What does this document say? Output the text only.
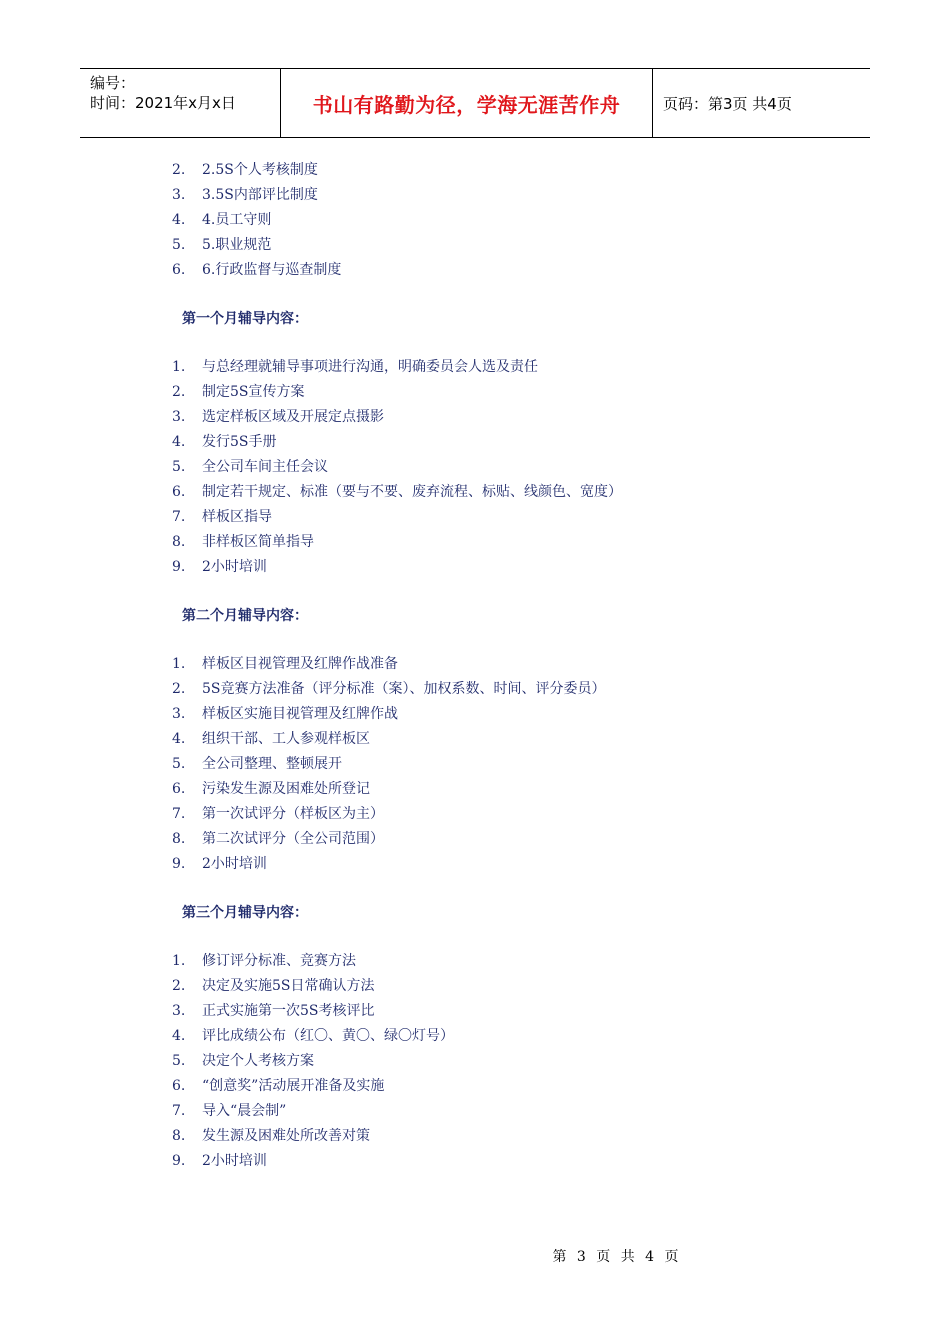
编号：
时间：2021年x月x日	书山有路勤为径，学海无涯苦作舟	页码：第3页 共4页
2.	2.5S个人考核制度
3.	3.5S内部评比制度
4.	4.员工守则
5.	5.职业规范
6.	6.行政监督与巡查制度
第一个月辅导内容：
1.	与总经理就辅导事项进行沟通，明确委员会人选及责任
2.	制定5S宣传方案
3.	选定样板区域及开展定点摄影
4.	发行5S手册
5.	全公司车间主任会议
6.	制定若干规定、标准（要与不要、废弃流程、标贴、线颜色、宽度）
7.	样板区指导
8.	非样板区简单指导
9.	2小时培训
第二个月辅导内容：
1.	样板区目视管理及红牌作战准备
2.	5S竞赛方法准备（评分标准（案）、加权系数、时间、评分委员）
3.	样板区实施目视管理及红牌作战
4.	组织干部、工人参观样板区
5.	全公司整理、整顿展开
6.	污染发生源及困难处所登记
7.	第一次试评分（样板区为主）
8.	第二次试评分（全公司范围）
9.	2小时培训
第三个月辅导内容：
1.	修订评分标准、竞赛方法
2.	决定及实施5S日常确认方法
3.	正式实施第一次5S考核评比
4.	评比成绩公布（红〇、黄〇、绿〇灯号）
5.	决定个人考核方案
6.	“创意奖”活动展开准备及实施
7.	导入“晨会制”
8.	发生源及困难处所改善对策
9.	2小时培训
第 3 页 共 4 页
